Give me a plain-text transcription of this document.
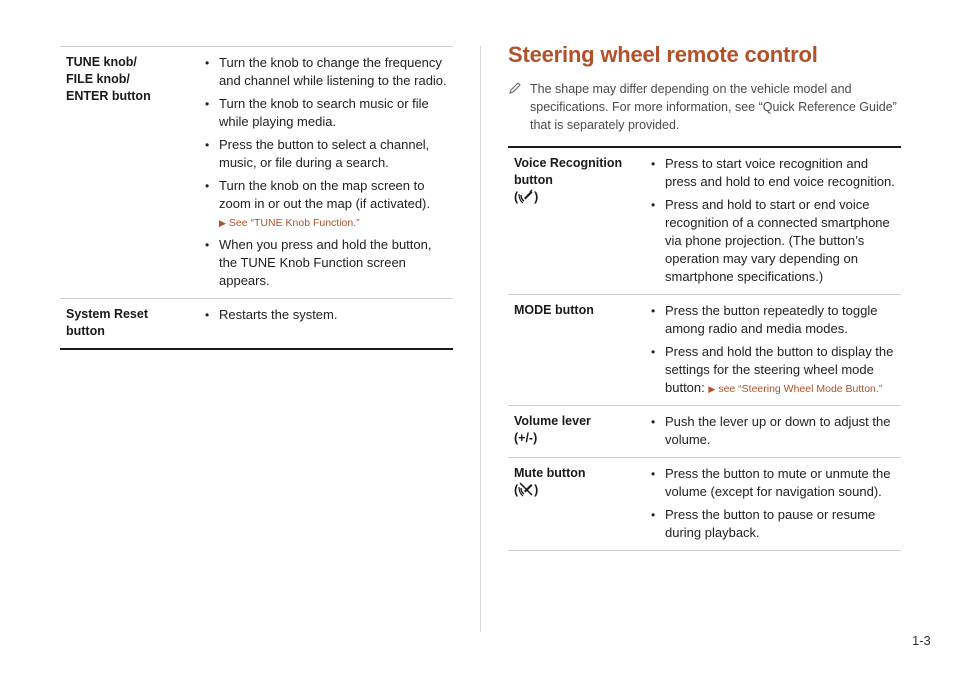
TUNE knob/
FILE knob/
ENTER button
• Turn the knob to change the frequency and channel while listening to the radio.
• Turn the knob to search music or file while playing media.
• Press the button to select a channel, music, or file during a search.
• Turn the knob on the map screen to zoom in or out the map (if activated).
▶ See “TUNE Knob Function.”
• When you press and hold the button, the TUNE Knob Function screen appears.
System Reset
button
• Restarts the system.
Steering wheel remote control
The shape may differ depending on the vehicle model and specifications. For more information, see “Quick Reference Guide” that is separately provided.
Voice Recognition
button
( )
• Press to start voice recognition and press and hold to end voice recognition.
• Press and hold to start or end voice recognition of a connected smartphone via phone projection. (The button’s operation may vary depending on smartphone specifications.)
MODE button
•	Press the button repeatedly to toggle among radio and media modes.
• Press and hold the button to display the settings for the steering wheel mode button: ▶ see “Steering Wheel Mode Button.”
Volume lever
(+/-)
• Push the lever up or down to adjust the volume.
Mute button
( )
• Press the button to mute or unmute the volume (except for navigation sound).
• Press the button to pause or resume during playback.
1-3
